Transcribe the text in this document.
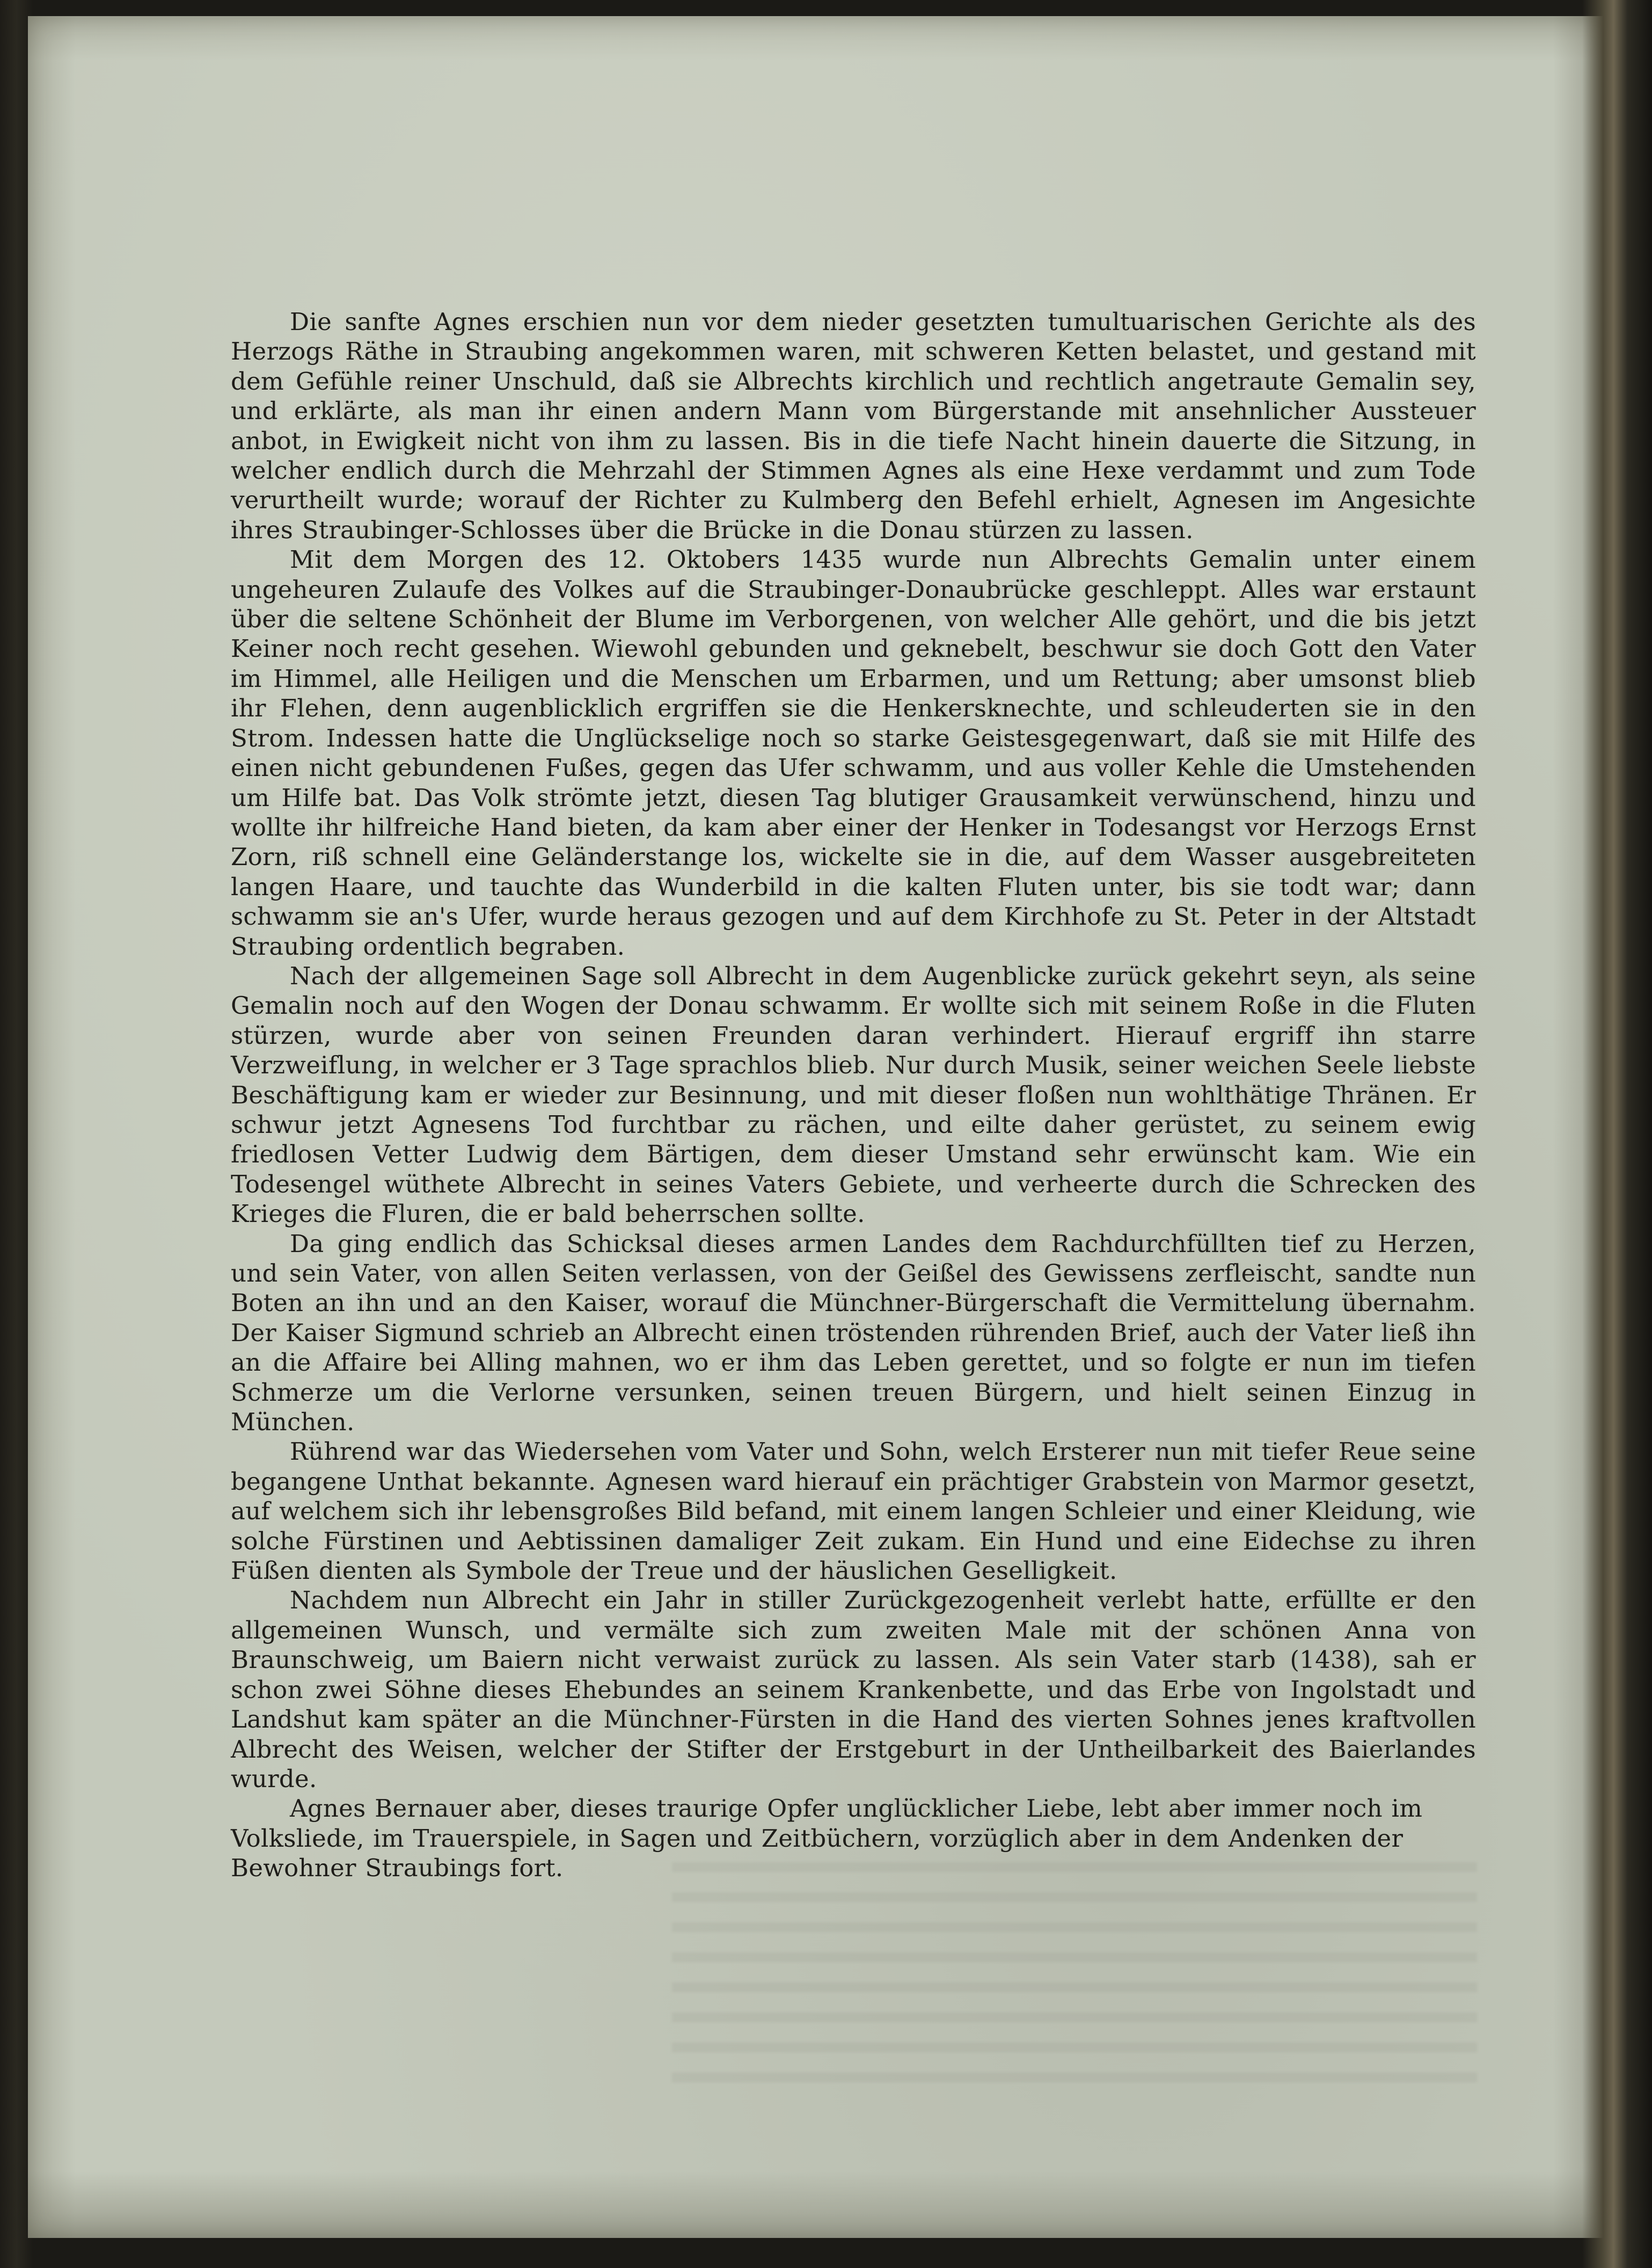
Die sanfte Agnes erschien nun vor dem nieder gesetzten tumultuarischen Gerichte als des Herzogs Räthe in Straubing angekommen waren, mit schweren Ketten belastet, und gestand mit dem Gefühle reiner Unschuld, daß sie Albrechts kirchlich und rechtlich angetraute Gemalin sey, und erklärte, als man ihr einen andern Mann vom Bürgerstande mit ansehnlicher Aussteuer anbot, in Ewigkeit nicht von ihm zu lassen. Bis in die tiefe Nacht hinein dauerte die Sitzung, in welcher endlich durch die Mehrzahl der Stimmen Agnes als eine Hexe verdammt und zum Tode verurtheilt wurde; worauf der Richter zu Kulmberg den Befehl erhielt, Agnesen im Angesichte ihres Straubinger-Schlosses über die Brücke in die Donau stürzen zu lassen.

Mit dem Morgen des 12. Oktobers 1435 wurde nun Albrechts Gemalin unter einem ungeheuren Zulaufe des Volkes auf die Straubinger-Donaubrücke geschleppt. Alles war erstaunt über die seltene Schönheit der Blume im Verborgenen, von welcher Alle gehört, und die bis jetzt Keiner noch recht gesehen. Wiewohl gebunden und geknebelt, beschwur sie doch Gott den Vater im Himmel, alle Heiligen und die Menschen um Erbarmen, und um Rettung; aber umsonst blieb ihr Flehen, denn augenblicklich ergriffen sie die Henkersknechte, und schleuderten sie in den Strom. Indessen hatte die Unglückselige noch so starke Geistesgegenwart, daß sie mit Hilfe des einen nicht gebundenen Fußes, gegen das Ufer schwamm, und aus voller Kehle die Umstehenden um Hilfe bat. Das Volk strömte jetzt, diesen Tag blutiger Grausamkeit verwünschend, hinzu und wollte ihr hilfreiche Hand bieten, da kam aber einer der Henker in Todesangst vor Herzogs Ernst Zorn, riß schnell eine Geländerstange los, wickelte sie in die, auf dem Wasser ausgebreiteten langen Haare, und tauchte das Wunderbild in die kalten Fluten unter, bis sie todt war; dann schwamm sie an's Ufer, wurde heraus gezogen und auf dem Kirchhofe zu St. Peter in der Altstadt Straubing ordentlich begraben.

Nach der allgemeinen Sage soll Albrecht in dem Augenblicke zurück gekehrt seyn, als seine Gemalin noch auf den Wogen der Donau schwamm. Er wollte sich mit seinem Roße in die Fluten stürzen, wurde aber von seinen Freunden daran verhindert. Hierauf ergriff ihn starre Verzweiflung, in welcher er 3 Tage sprachlos blieb. Nur durch Musik, seiner weichen Seele liebste Beschäftigung kam er wieder zur Besinnung, und mit dieser floßen nun wohlthätige Thränen. Er schwur jetzt Agnesens Tod furchtbar zu rächen, und eilte daher gerüstet, zu seinem ewig friedlosen Vetter Ludwig dem Bärtigen, dem dieser Umstand sehr erwünscht kam. Wie ein Todesengel wüthete Albrecht in seines Vaters Gebiete, und verheerte durch die Schrecken des Krieges die Fluren, die er bald beherrschen sollte.

Da ging endlich das Schicksal dieses armen Landes dem Rachdurchfüllten tief zu Herzen, und sein Vater, von allen Seiten verlassen, von der Geißel des Gewissens zerfleischt, sandte nun Boten an ihn und an den Kaiser, worauf die Münchner-Bürgerschaft die Vermittelung übernahm. Der Kaiser Sigmund schrieb an Albrecht einen tröstenden rührenden Brief, auch der Vater ließ ihn an die Affaire bei Alling mahnen, wo er ihm das Leben gerettet, und so folgte er nun im tiefen Schmerze um die Verlorne versunken, seinen treuen Bürgern, und hielt seinen Einzug in München.

Rührend war das Wiedersehen vom Vater und Sohn, welch Ersterer nun mit tiefer Reue seine begangene Unthat bekannte. Agnesen ward hierauf ein prächtiger Grabstein von Marmor gesetzt, auf welchem sich ihr lebensgroßes Bild befand, mit einem langen Schleier und einer Kleidung, wie solche Fürstinen und Aebtissinen damaliger Zeit zukam. Ein Hund und eine Eidechse zu ihren Füßen dienten als Symbole der Treue und der häuslichen Geselligkeit.

Nachdem nun Albrecht ein Jahr in stiller Zurückgezogenheit verlebt hatte, erfüllte er den allgemeinen Wunsch, und vermälte sich zum zweiten Male mit der schönen Anna von Braunschweig, um Baiern nicht verwaist zurück zu lassen. Als sein Vater starb (1438), sah er schon zwei Söhne dieses Ehebundes an seinem Krankenbette, und das Erbe von Ingolstadt und Landshut kam später an die Münchner-Fürsten in die Hand des vierten Sohnes jenes kraftvollen Albrecht des Weisen, welcher der Stifter der Erstgeburt in der Untheilbarkeit des Baierlandes wurde.

Agnes Bernauer aber, dieses traurige Opfer unglücklicher Liebe, lebt aber immer noch im Volksliede, im Trauerspiele, in Sagen und Zeitbüchern, vorzüglich aber in dem Andenken der Bewohner Straubings fort.
